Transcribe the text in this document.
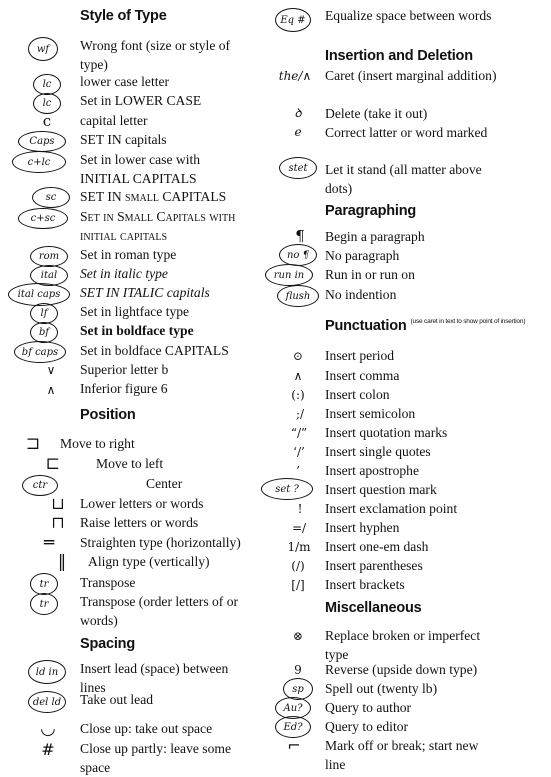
Style of Type
wf	Wrong font (size or style of type)
lc	lower case letter
lc	Set in LOWER CASE
c	capital letter
Caps	SET IN capitals
c+lc	Set in lower case with INITIAL CAPITALS
sc	SET IN small CAPITALS
c+sc	Set in Small Capitals with initial capitals
rom	Set in roman type
ital	Set in italic type
ital caps	SET IN ITALIC capitals
lf	Set in lightface type
bf	Set in boldface type
bf caps	Set in boldface CAPITALS
∨	Superior letter b
∧	Inferior figure 6
Position
⊐ Move to right
⊏	Move to left
ctr	Center
⊔ Lower letters or words
⊓ Raise letters or words
═	Straighten type (horizontally)
‖	Align type (vertically)
tr	Transpose
tr	Transpose (order letters of or words)
Spacing
ld in	Insert lead (space) between lines
del ld	Take out lead
◡	Close up: take out space
#	Close up partly: leave some space
Eq #	Equalize space between words
Insertion and Deletion
the/∧ Caret (insert marginal addition)
ꝺ	Delete (take it out)
e	Correct latter or word marked
stet	Let it stand (all matter above dots)
Paragraphing
¶	Begin a paragraph
no ¶	No paragraph
run in	Run in or run on
flush	No indention
Punctuation (use caret in text to show point of insertion)
⊙ Insert period
∧	Insert comma
(:)	Insert colon
;/	Insert semicolon
“/”	Insert quotation marks
‘/’	Insert single quotes
’	Insert apostrophe
set ?	Insert question mark
!	Insert exclamation point
=/	Insert hyphen
1/m Insert one-em dash
(/)	Insert parentheses
[/]	Insert brackets
Miscellaneous
⊗ Replace broken or imperfect type
9	Reverse (upside down type)
sp	Spell out (twenty lb)
Au?	Query to author
Ed?	Query to editor
⌐	Mark off or break; start new line
